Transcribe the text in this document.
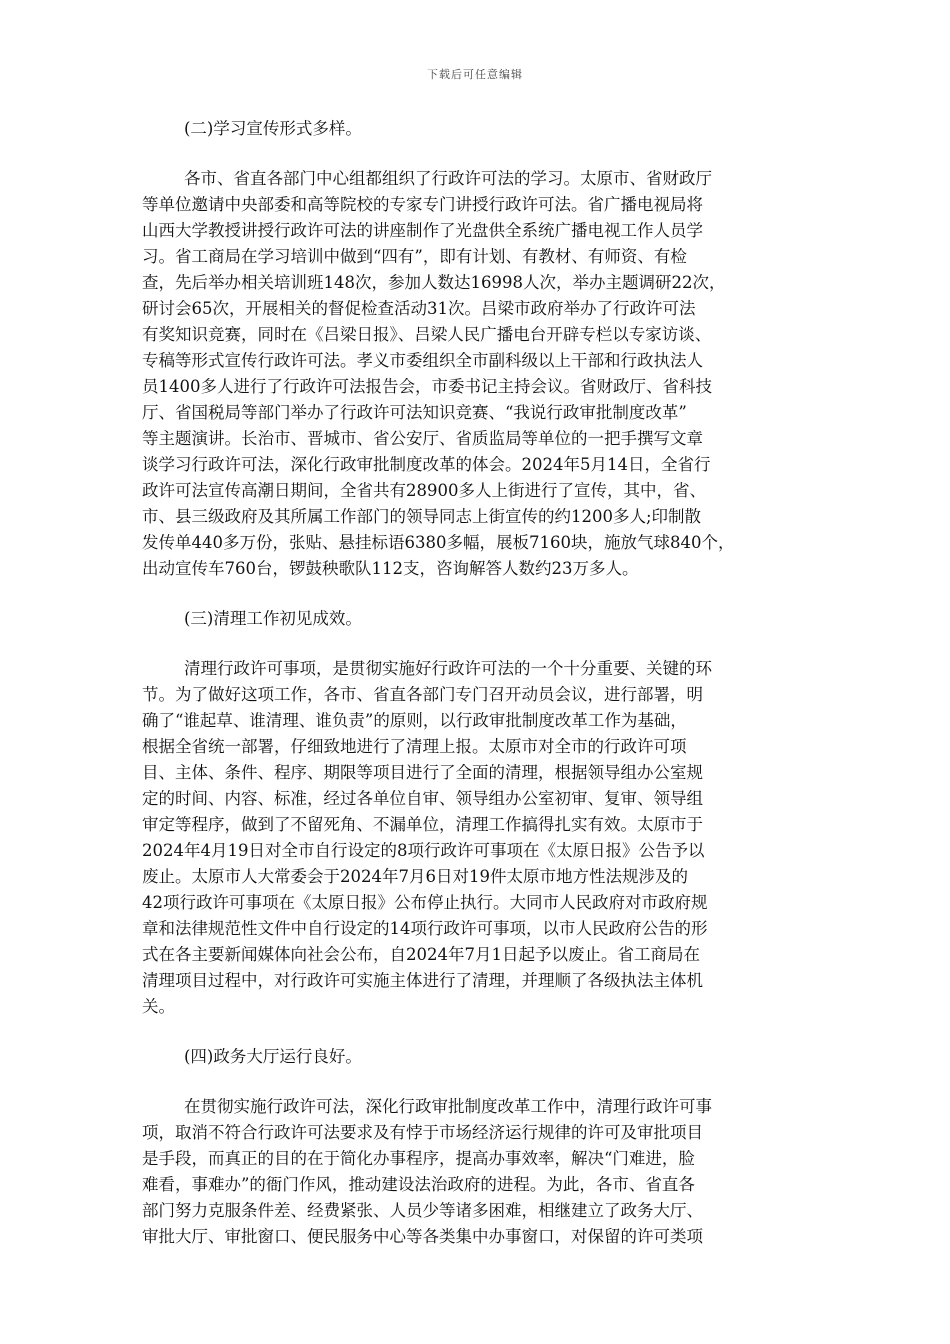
下载后可任意编辑
(二)学习宣传形式多样。
各市、省直各部门中心组都组织了行政许可法的学习。太原市、省财政厅
等单位邀请中央部委和高等院校的专家专门讲授行政许可法。省广播电视局将
山西大学教授讲授行政许可法的讲座制作了光盘供全系统广播电视工作人员学
习。省工商局在学习培训中做到“四有”，即有计划、有教材、有师资、有检
查，先后举办相关培训班148次，参加人数达16998人次，举办主题调研22次，
研讨会65次，开展相关的督促检查活动31次。吕梁市政府举办了行政许可法
有奖知识竞赛，同时在《吕梁日报》、吕梁人民广播电台开辟专栏以专家访谈、
专稿等形式宣传行政许可法。孝义市委组织全市副科级以上干部和行政执法人
员1400多人进行了行政许可法报告会，市委书记主持会议。省财政厅、省科技
厅、省国税局等部门举办了行政许可法知识竞赛、“我说行政审批制度改革”
等主题演讲。长治市、晋城市、省公安厅、省质监局等单位的一把手撰写文章
谈学习行政许可法，深化行政审批制度改革的体会。2024年5月14日，全省行
政许可法宣传高潮日期间，全省共有28900多人上街进行了宣传，其中，省、
市、县三级政府及其所属工作部门的领导同志上街宣传的约1200多人;印制散
发传单440多万份，张贴、悬挂标语6380多幅，展板7160块，施放气球840个，
出动宣传车760台，锣鼓秧歌队112支，咨询解答人数约23万多人。
(三)清理工作初见成效。
清理行政许可事项，是贯彻实施好行政许可法的一个十分重要、关键的环
节。为了做好这项工作，各市、省直各部门专门召开动员会议，进行部署，明
确了“谁起草、谁清理、谁负责”的原则，以行政审批制度改革工作为基础，
根据全省统一部署，仔细致地进行了清理上报。太原市对全市的行政许可项
目、主体、条件、程序、期限等项目进行了全面的清理，根据领导组办公室规
定的时间、内容、标准，经过各单位自审、领导组办公室初审、复审、领导组
审定等程序，做到了不留死角、不漏单位，清理工作搞得扎实有效。太原市于
2024年4月19日对全市自行设定的8项行政许可事项在《太原日报》公告予以
废止。太原市人大常委会于2024年7月6日对19件太原市地方性法规涉及的
42项行政许可事项在《太原日报》公布停止执行。大同市人民政府对市政府规
章和法律规范性文件中自行设定的14项行政许可事项，以市人民政府公告的形
式在各主要新闻媒体向社会公布，自2024年7月1日起予以废止。省工商局在
清理项目过程中，对行政许可实施主体进行了清理，并理顺了各级执法主体机
关。
(四)政务大厅运行良好。
在贯彻实施行政许可法，深化行政审批制度改革工作中，清理行政许可事
项，取消不符合行政许可法要求及有悖于市场经济运行规律的许可及审批项目
是手段，而真正的目的在于简化办事程序，提高办事效率，解决“门难进，脸
难看，事难办”的衙门作风，推动建设法治政府的进程。为此，各市、省直各
部门努力克服条件差、经费紧张、人员少等诸多困难，相继建立了政务大厅、
审批大厅、审批窗口、便民服务中心等各类集中办事窗口，对保留的许可类项
